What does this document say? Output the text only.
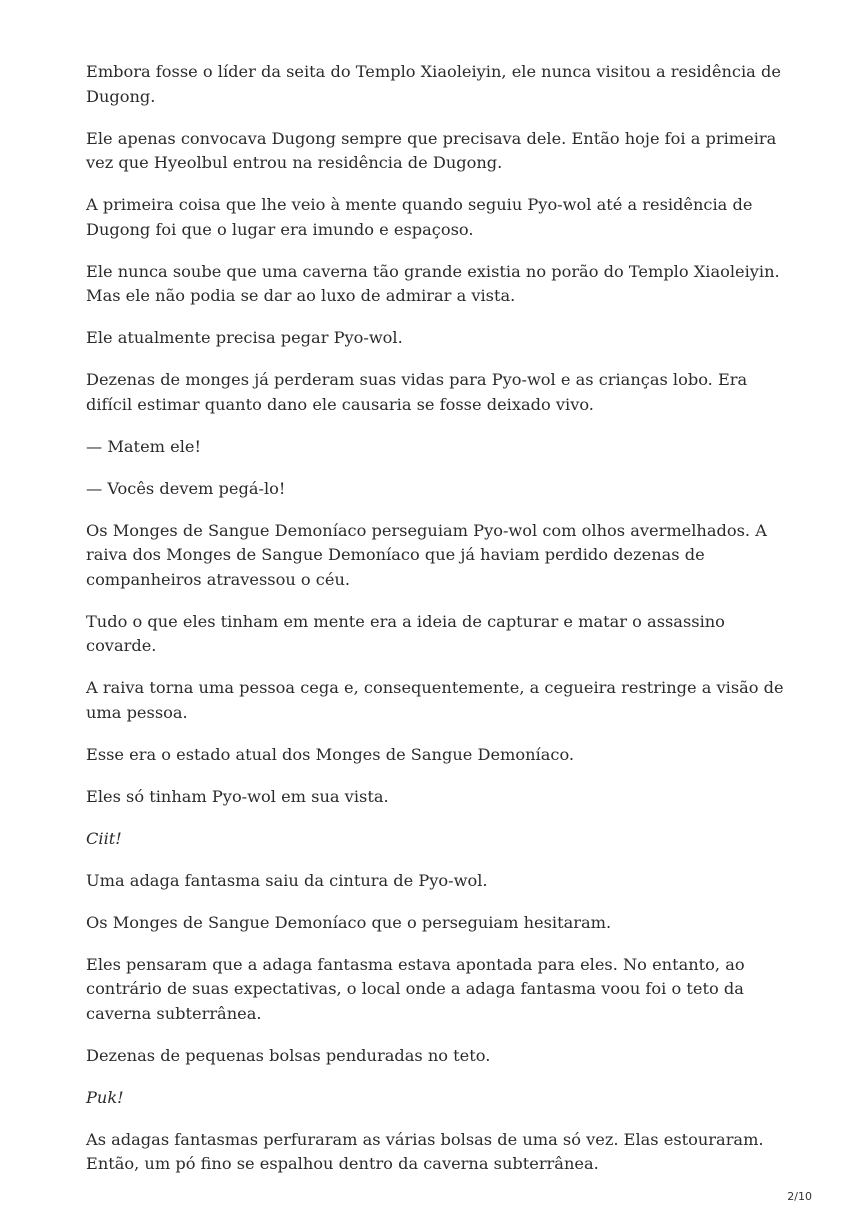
Embora fosse o líder da seita do Templo Xiaoleiyin, ele nunca visitou a residência de Dugong.

Ele apenas convocava Dugong sempre que precisava dele. Então hoje foi a primeira vez que Hyeolbul entrou na residência de Dugong.

A primeira coisa que lhe veio à mente quando seguiu Pyo-wol até a residência de Dugong foi que o lugar era imundo e espaçoso.

Ele nunca soube que uma caverna tão grande existia no porão do Templo Xiaoleiyin. Mas ele não podia se dar ao luxo de admirar a vista.

Ele atualmente precisa pegar Pyo-wol.

Dezenas de monges já perderam suas vidas para Pyo-wol e as crianças lobo. Era difícil estimar quanto dano ele causaria se fosse deixado vivo.

— Matem ele!

— Vocês devem pegá-lo!

Os Monges de Sangue Demoníaco perseguiam Pyo-wol com olhos avermelhados. A raiva dos Monges de Sangue Demoníaco que já haviam perdido dezenas de companheiros atravessou o céu.

Tudo o que eles tinham em mente era a ideia de capturar e matar o assassino covarde.

A raiva torna uma pessoa cega e, consequentemente, a cegueira restringe a visão de uma pessoa.

Esse era o estado atual dos Monges de Sangue Demoníaco.

Eles só tinham Pyo-wol em sua vista.

Ciit!

Uma adaga fantasma saiu da cintura de Pyo-wol.

Os Monges de Sangue Demoníaco que o perseguiam hesitaram.

Eles pensaram que a adaga fantasma estava apontada para eles. No entanto, ao contrário de suas expectativas, o local onde a adaga fantasma voou foi o teto da caverna subterrânea.

Dezenas de pequenas bolsas penduradas no teto.

Puk!

As adagas fantasmas perfuraram as várias bolsas de uma só vez. Elas estouraram. Então, um pó fino se espalhou dentro da caverna subterrânea.

2/10
